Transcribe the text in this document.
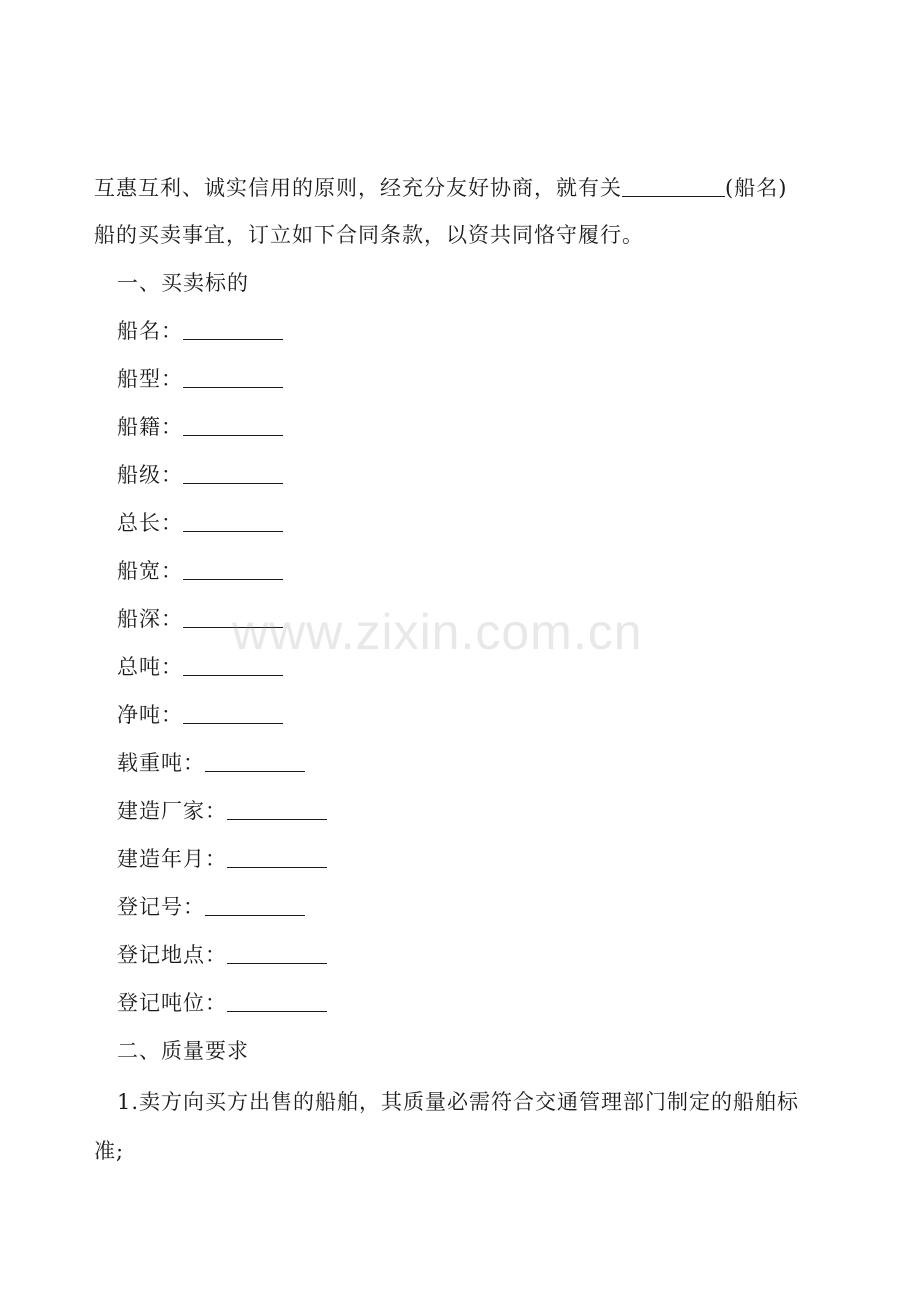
互惠互利、诚实信用的原则，经充分友好协商，就有关	(船名)
船的买卖事宜，订立如下合同条款，以资共同恪守履行。
一、买卖标的
船名：
船型：
船籍：
船级：
总长：
船宽：
船深：
总吨：
净吨：
载重吨：
建造厂家：
建造年月：
登记号：
登记地点：
登记吨位：
二、质量要求
1.卖方向买方出售的船舶，其质量必需符合交通管理部门制定的船舶标
准;
www.zixin.com.cn
